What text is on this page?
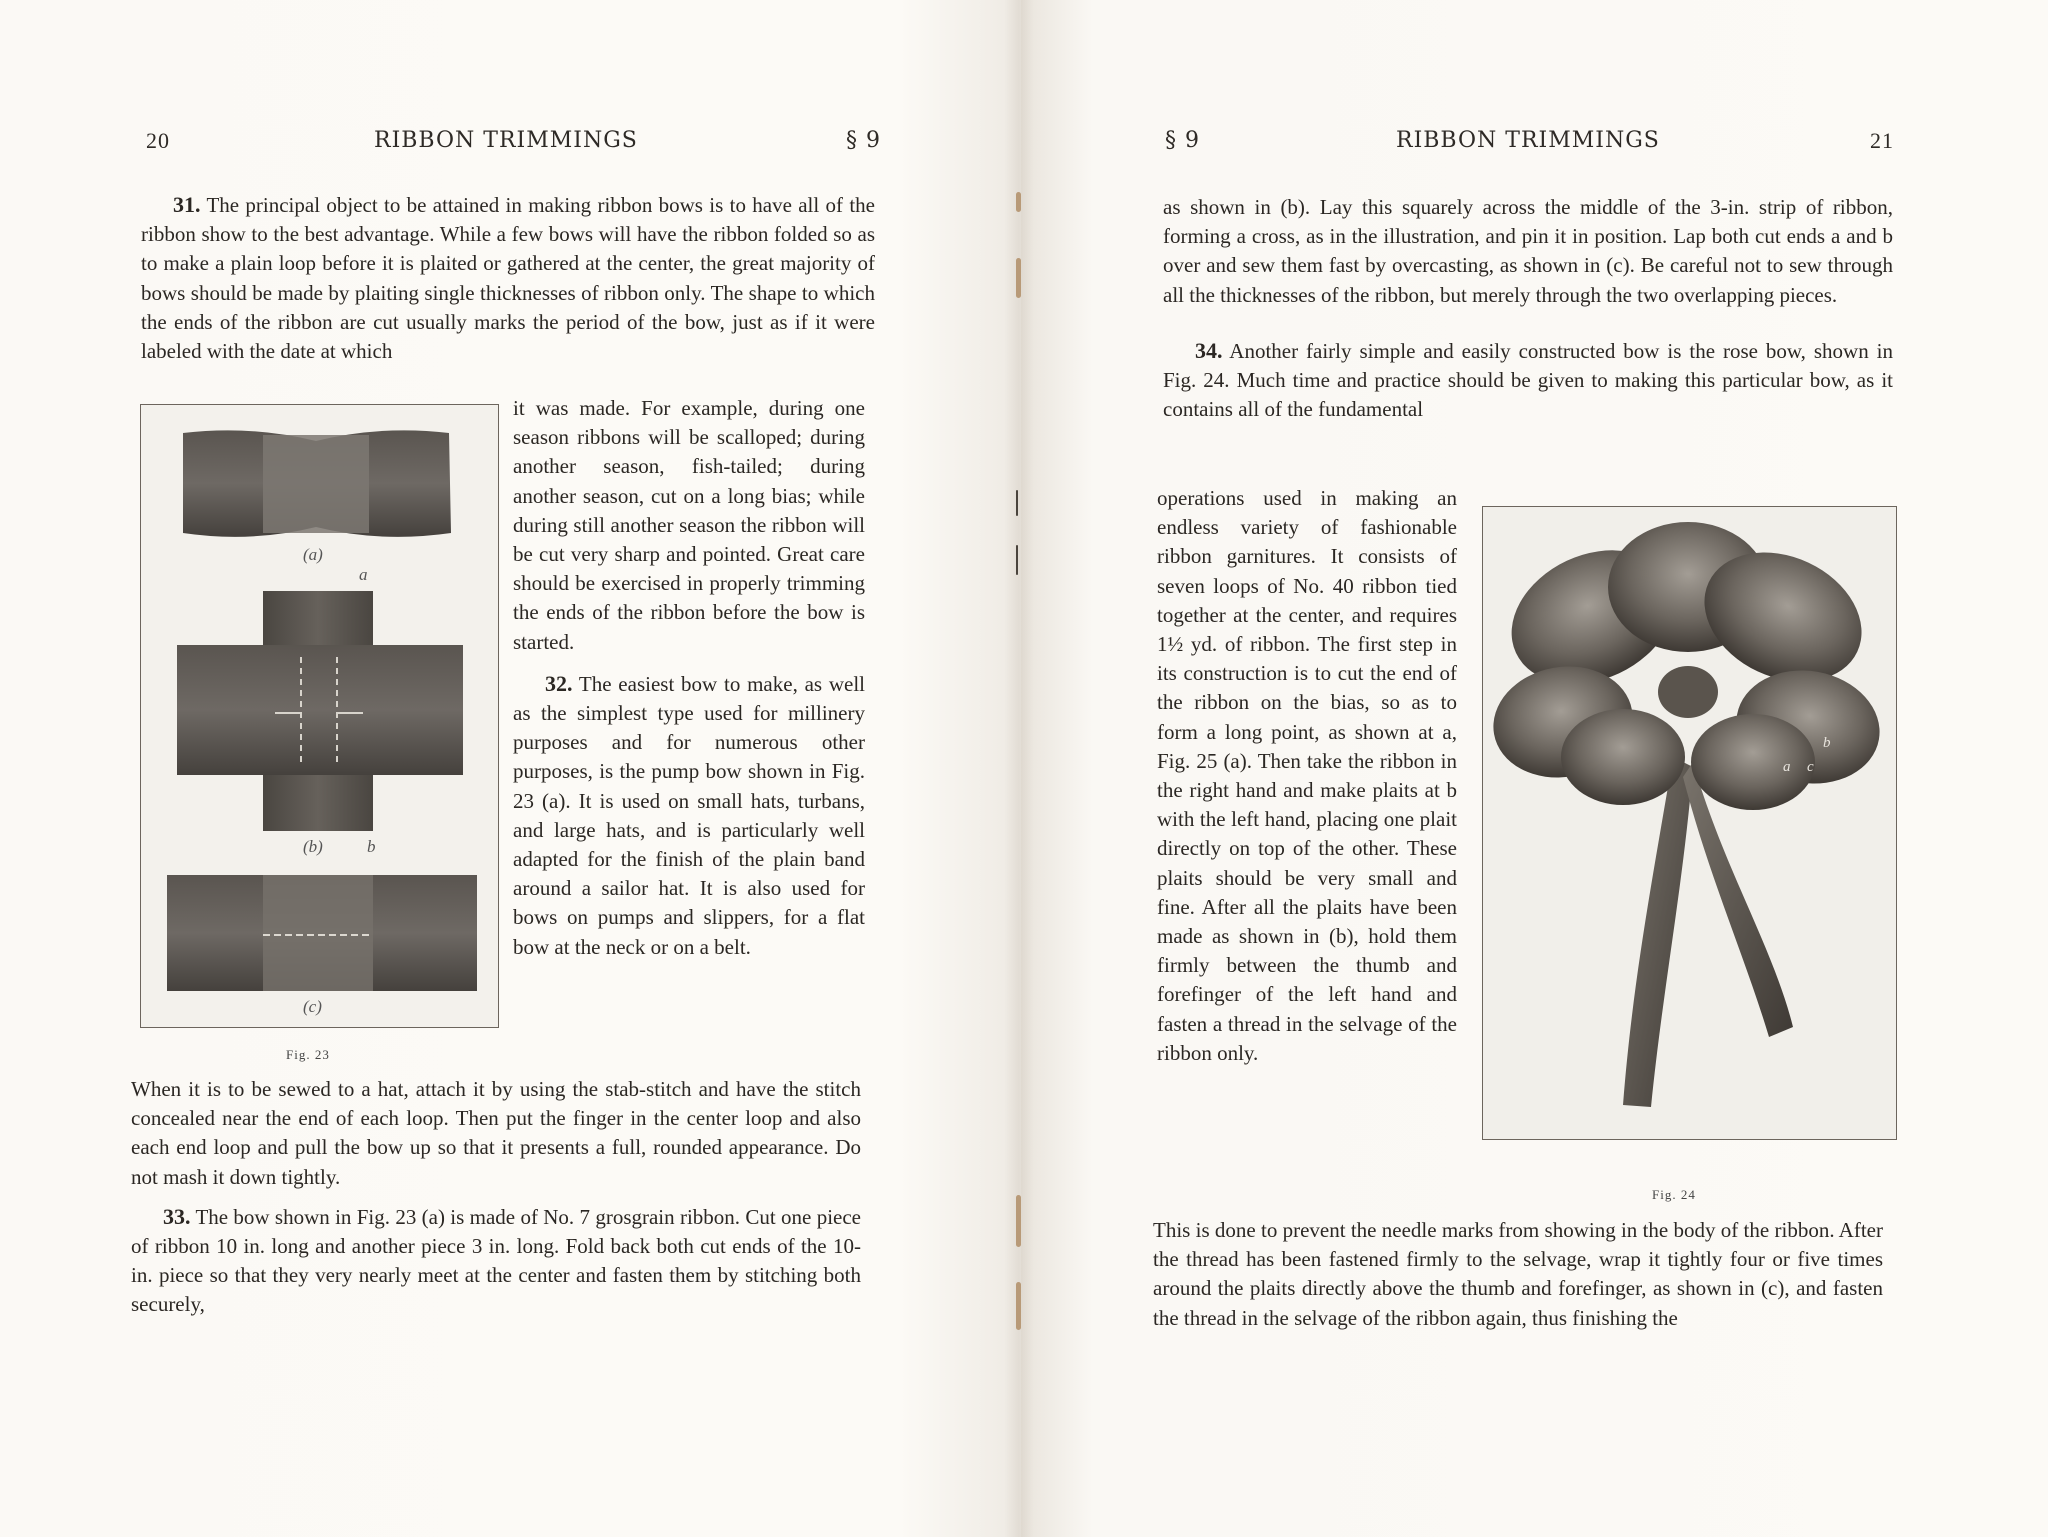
20	RIBBON TRIMMINGS	§ 9

31. The principal object to be attained in making ribbon bows is to have all of the ribbon show to the best advantage. While a few bows will have the ribbon folded so as to make a plain loop before it is plaited or gathered at the center, the great majority of bows should be made by plaiting single thicknesses of ribbon only. The shape to which the ends of the ribbon are cut usually marks the period of the bow, just as if it were labeled with the date at which

(a)
a
(b)	b
(c)
Fig. 23

it was made. For example, during one season ribbons will be scalloped; during another season, fish-tailed; during another season, cut on a long bias; while during still another season the ribbon will be cut very sharp and pointed. Great care should be exercised in properly trimming the ends of the ribbon before the bow is started.

32. The easiest bow to make, as well as the simplest type used for millinery purposes and for numerous other purposes, is the pump bow shown in Fig. 23 (a). It is used on small hats, turbans, and large hats, and is particularly well adapted for the finish of the plain band around a sailor hat. It is also used for bows on pumps and slippers, for a flat bow at the neck or on a belt.

When it is to be sewed to a hat, attach it by using the stab-stitch and have the stitch concealed near the end of each loop. Then put the finger in the center loop and also each end loop and pull the bow up so that it presents a full, rounded appearance. Do not mash it down tightly.

33. The bow shown in Fig. 23 (a) is made of No. 7 grosgrain ribbon. Cut one piece of ribbon 10 in. long and another piece 3 in. long. Fold back both cut ends of the 10-in. piece so that they very nearly meet at the center and fasten them by stitching both securely,

§ 9	RIBBON TRIMMINGS	21

as shown in (b). Lay this squarely across the middle of the 3-in. strip of ribbon, forming a cross, as in the illustration, and pin it in position. Lap both cut ends a and b over and sew them fast by overcasting, as shown in (c). Be careful not to sew through all the thicknesses of the ribbon, but merely through the two overlapping pieces.

34. Another fairly simple and easily constructed bow is the rose bow, shown in Fig. 24. Much time and practice should be given to making this particular bow, as it contains all of the fundamental

b
a c
Fig. 24

operations used in making an endless variety of fashionable ribbon garnitures. It consists of seven loops of No. 40 ribbon tied together at the center, and requires 1½ yd. of ribbon. The first step in its construction is to cut the end of the ribbon on the bias, so as to form a long point, as shown at a, Fig. 25 (a). Then take the ribbon in the right hand and make plaits at b with the left hand, placing one plait directly on top of the other. These plaits should be very small and fine. After all the plaits have been made as shown in (b), hold them firmly between the thumb and forefinger of the left hand and fasten a thread in the selvage of the ribbon only.

This is done to prevent the needle marks from showing in the body of the ribbon. After the thread has been fastened firmly to the selvage, wrap it tightly four or five times around the plaits directly above the thumb and forefinger, as shown in (c), and fasten the thread in the selvage of the ribbon again, thus finishing the
